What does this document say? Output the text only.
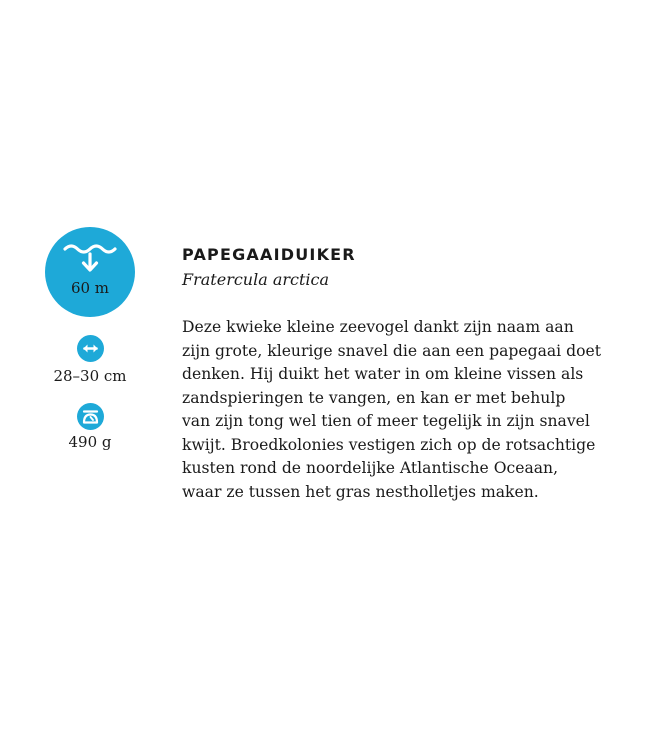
60 m
28–30 cm
490 g
PAPEGAAIDUIKER
Fratercula arctica

Deze kwieke kleine zeevogel dankt zijn naam aan
zijn grote, kleurige snavel die aan een papegaai doet
denken. Hij duikt het water in om kleine vissen als
zandspieringen te vangen, en kan er met behulp
van zijn tong wel tien of meer tegelijk in zijn snavel
kwijt. Broedkolonies vestigen zich op de rotsachtige
kusten rond de noordelijke Atlantische Oceaan,
waar ze tussen het gras nestholletjes maken.
